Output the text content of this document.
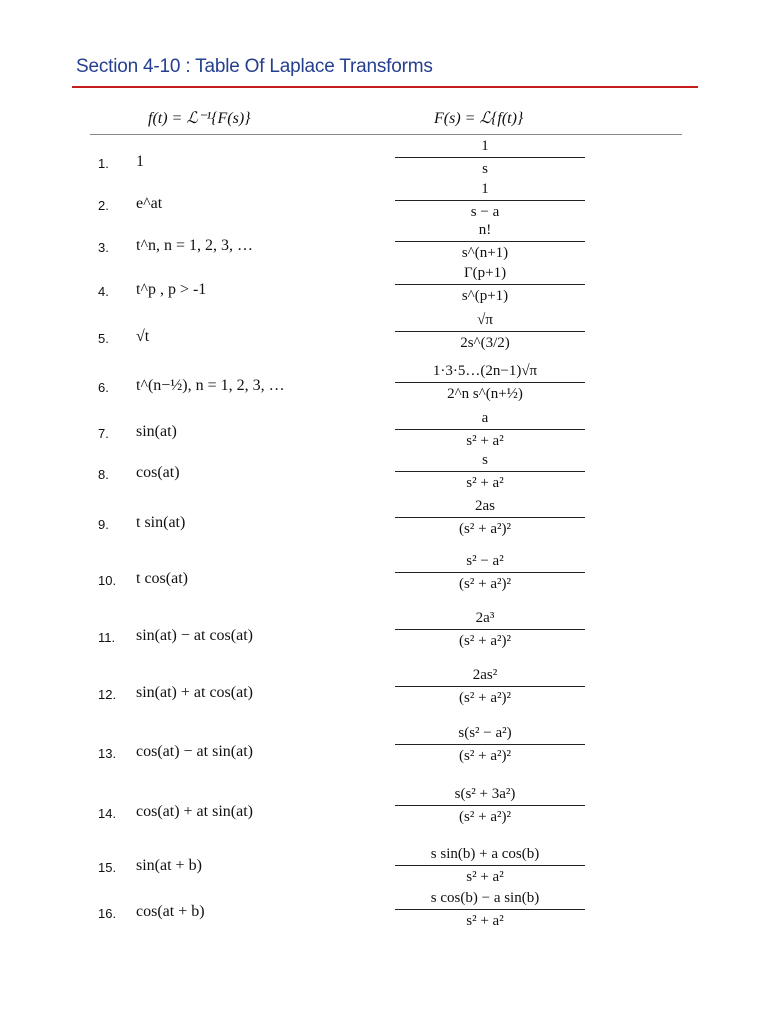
Section 4-10 : Table Of Laplace Transforms
f(t) = ℒ⁻¹{F(s)}	F(s) = ℒ{f(t)}
1. 1
1
s
2. e^at
1
s − a
3. t^n, n = 1, 2, 3, …
n!
s^(n+1)
4. t^p , p > -1
Γ(p+1)
s^(p+1)
5. √t
√π
2s^(3/2)
6. t^(n−½), n = 1, 2, 3, …
1·3·5…(2n−1)√π
2^n s^(n+½)
7. sin(at)
a
s² + a²
8. cos(at)
s
s² + a²
9. t sin(at)
2as
(s² + a²)²
10. t cos(at)
s² − a²
(s² + a²)²
11. sin(at) − at cos(at)
2a³
(s² + a²)²
12. sin(at) + at cos(at)
2as²
(s² + a²)²
13. cos(at) − at sin(at)
s(s² − a²)
(s² + a²)²
14. cos(at) + at sin(at)
s(s² + 3a²)
(s² + a²)²
15. sin(at + b)
s sin(b) + a cos(b)
s² + a²
16. cos(at + b)
s cos(b) − a sin(b)
s² + a²
